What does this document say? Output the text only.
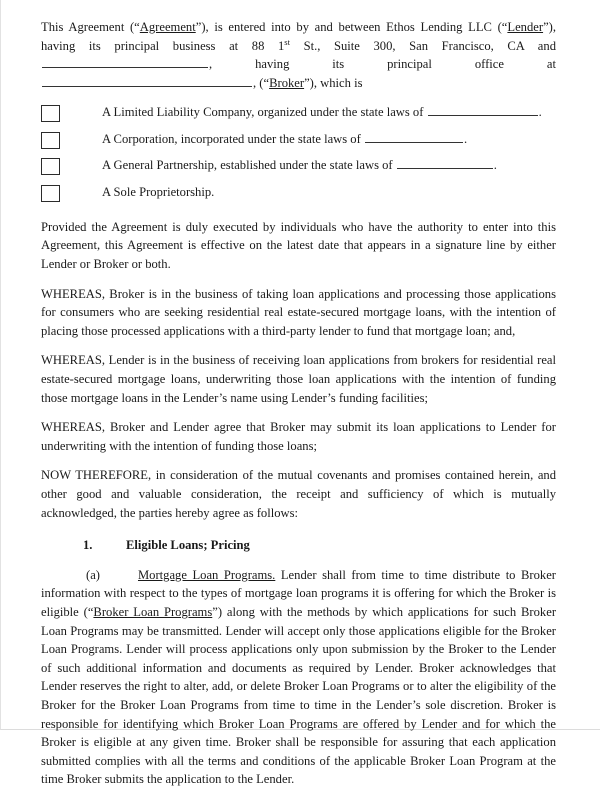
This Agreement (“Agreement”), is entered into by and between Ethos Lending LLC (“Lender”), having its principal business at 88 1st St., Suite 300, San Francisco, CA and , having its principal office at , (“Broker”), which is

A Limited Liability Company, organized under the state laws of	.
A Corporation, incorporated under the state laws of	.
A General Partnership, established under the state laws of	.
A Sole Proprietorship.

Provided the Agreement is duly executed by individuals who have the authority to enter into this Agreement, this Agreement is effective on the latest date that appears in a signature line by either Lender or Broker or both.

WHEREAS, Broker is in the business of taking loan applications and processing those applications for consumers who are seeking residential real estate-secured mortgage loans, with the intention of placing those processed applications with a third-party lender to fund that mortgage loan; and,

WHEREAS, Lender is in the business of receiving loan applications from brokers for residential real estate-secured mortgage loans, underwriting those loan applications with the intention of funding those mortgage loans in the Lender’s name using Lender’s funding facilities;

WHEREAS, Broker and Lender agree that Broker may submit its loan applications to Lender for underwriting with the intention of funding those loans;

NOW THEREFORE, in consideration of the mutual covenants and promises contained herein, and other good and valuable consideration, the receipt and sufficiency of which is mutually acknowledged, the parties hereby agree as follows:

1.	Eligible Loans; Pricing

(a)	Mortgage Loan Programs. Lender shall from time to time distribute to Broker information with respect to the types of mortgage loan programs it is offering for which the Broker is eligible (“Broker Loan Programs”) along with the methods by which applications for such Broker Loan Programs may be transmitted. Lender will accept only those applications eligible for the Broker Loan Programs. Lender will process applications only upon submission by the Broker to the Lender of such additional information and documents as required by Lender. Broker acknowledges that Lender reserves the right to alter, add, or delete Broker Loan Programs or to alter the eligibility of the Broker for the Broker Loan Programs from time to time in the Lender’s sole discretion. Broker is responsible for identifying which Broker Loan Programs are offered by Lender and for which the Broker is eligible at any given time. Broker shall be responsible for assuring that each application submitted complies with all the terms and conditions of the applicable Broker Loan Program at the time Broker submits the application to the Lender.
